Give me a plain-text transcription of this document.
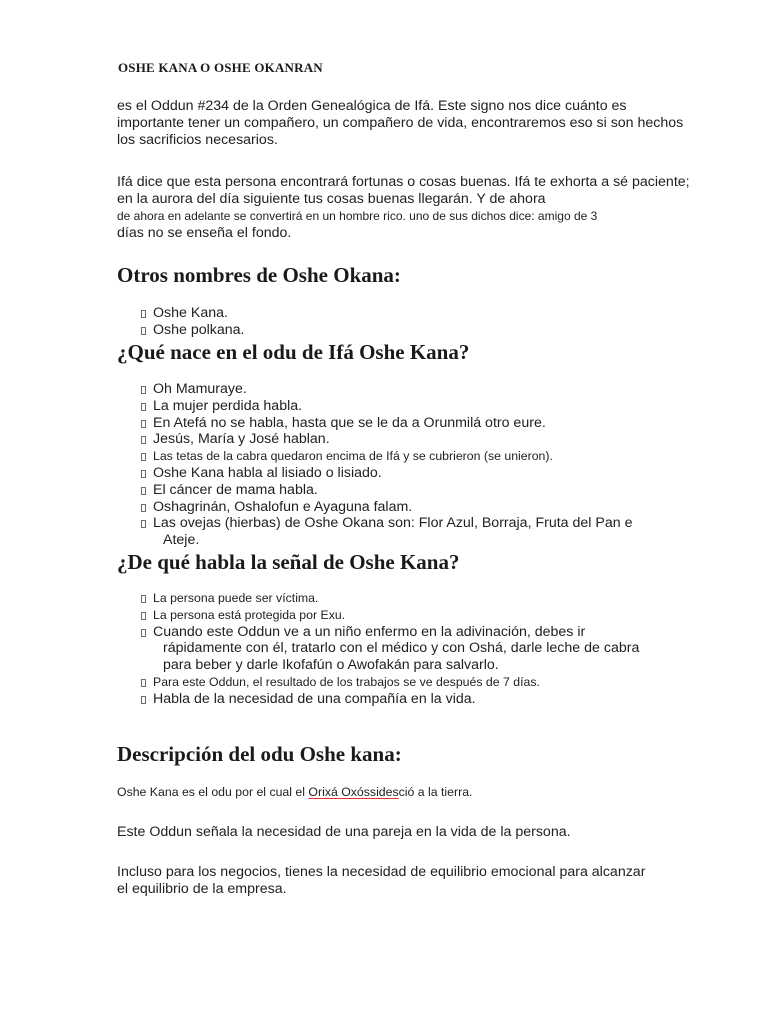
OSHE KANA O OSHE OKANRAN
es el Oddun #234 de la Orden Genealógica de Ifá. Este signo nos dice cuánto es importante tener un compañero, un compañero de vida, encontraremos eso si son hechos los sacrificios necesarios.
Ifá dice que esta persona encontrará fortunas o cosas buenas. Ifá te exhorta a sé paciente; en la aurora del día siguiente tus cosas buenas llegarán. Y de ahora
de ahora en adelante se convertirá en un hombre rico. uno de sus dichos dice: amigo de 3
días no se enseña el fondo.
Otros nombres de Oshe Okana:
Oshe Kana.
Oshe polkana.
¿Qué nace en el odu de Ifá Oshe Kana?
Oh Mamuraye.
La mujer perdida habla.
En Atefá no se habla, hasta que se le da a Orunmilá otro eure.
Jesús, María y José hablan.
Las tetas de la cabra quedaron encima de Ifá y se cubrieron (se unieron).
Oshe Kana habla al lisiado o lisiado.
El cáncer de mama habla.
Oshagrinán, Oshalofun e Ayaguna falam.
Las ovejas (hierbas) de Oshe Okana son: Flor Azul, Borraja, Fruta del Pan e Ateje.
¿De qué habla la señal de Oshe Kana?
La persona puede ser víctima.
La persona está protegida por Exu.
Cuando este Oddun ve a un niño enfermo en la adivinación, debes ir rápidamente con él, tratarlo con el médico y con Oshá, darle leche de cabra para beber y darle Ikofafún o Awofakán para salvarlo.
Para este Oddun, el resultado de los trabajos se ve después de 7 días.
Habla de la necesidad de una compañía en la vida.
Descripción del odu Oshe kana:
Oshe Kana es el odu por el cual el Orixá Oxóssidesció a la tierra.
Este Oddun señala la necesidad de una pareja en la vida de la persona.
Incluso para los negocios, tienes la necesidad de equilibrio emocional para alcanzar el equilibrio de la empresa.
